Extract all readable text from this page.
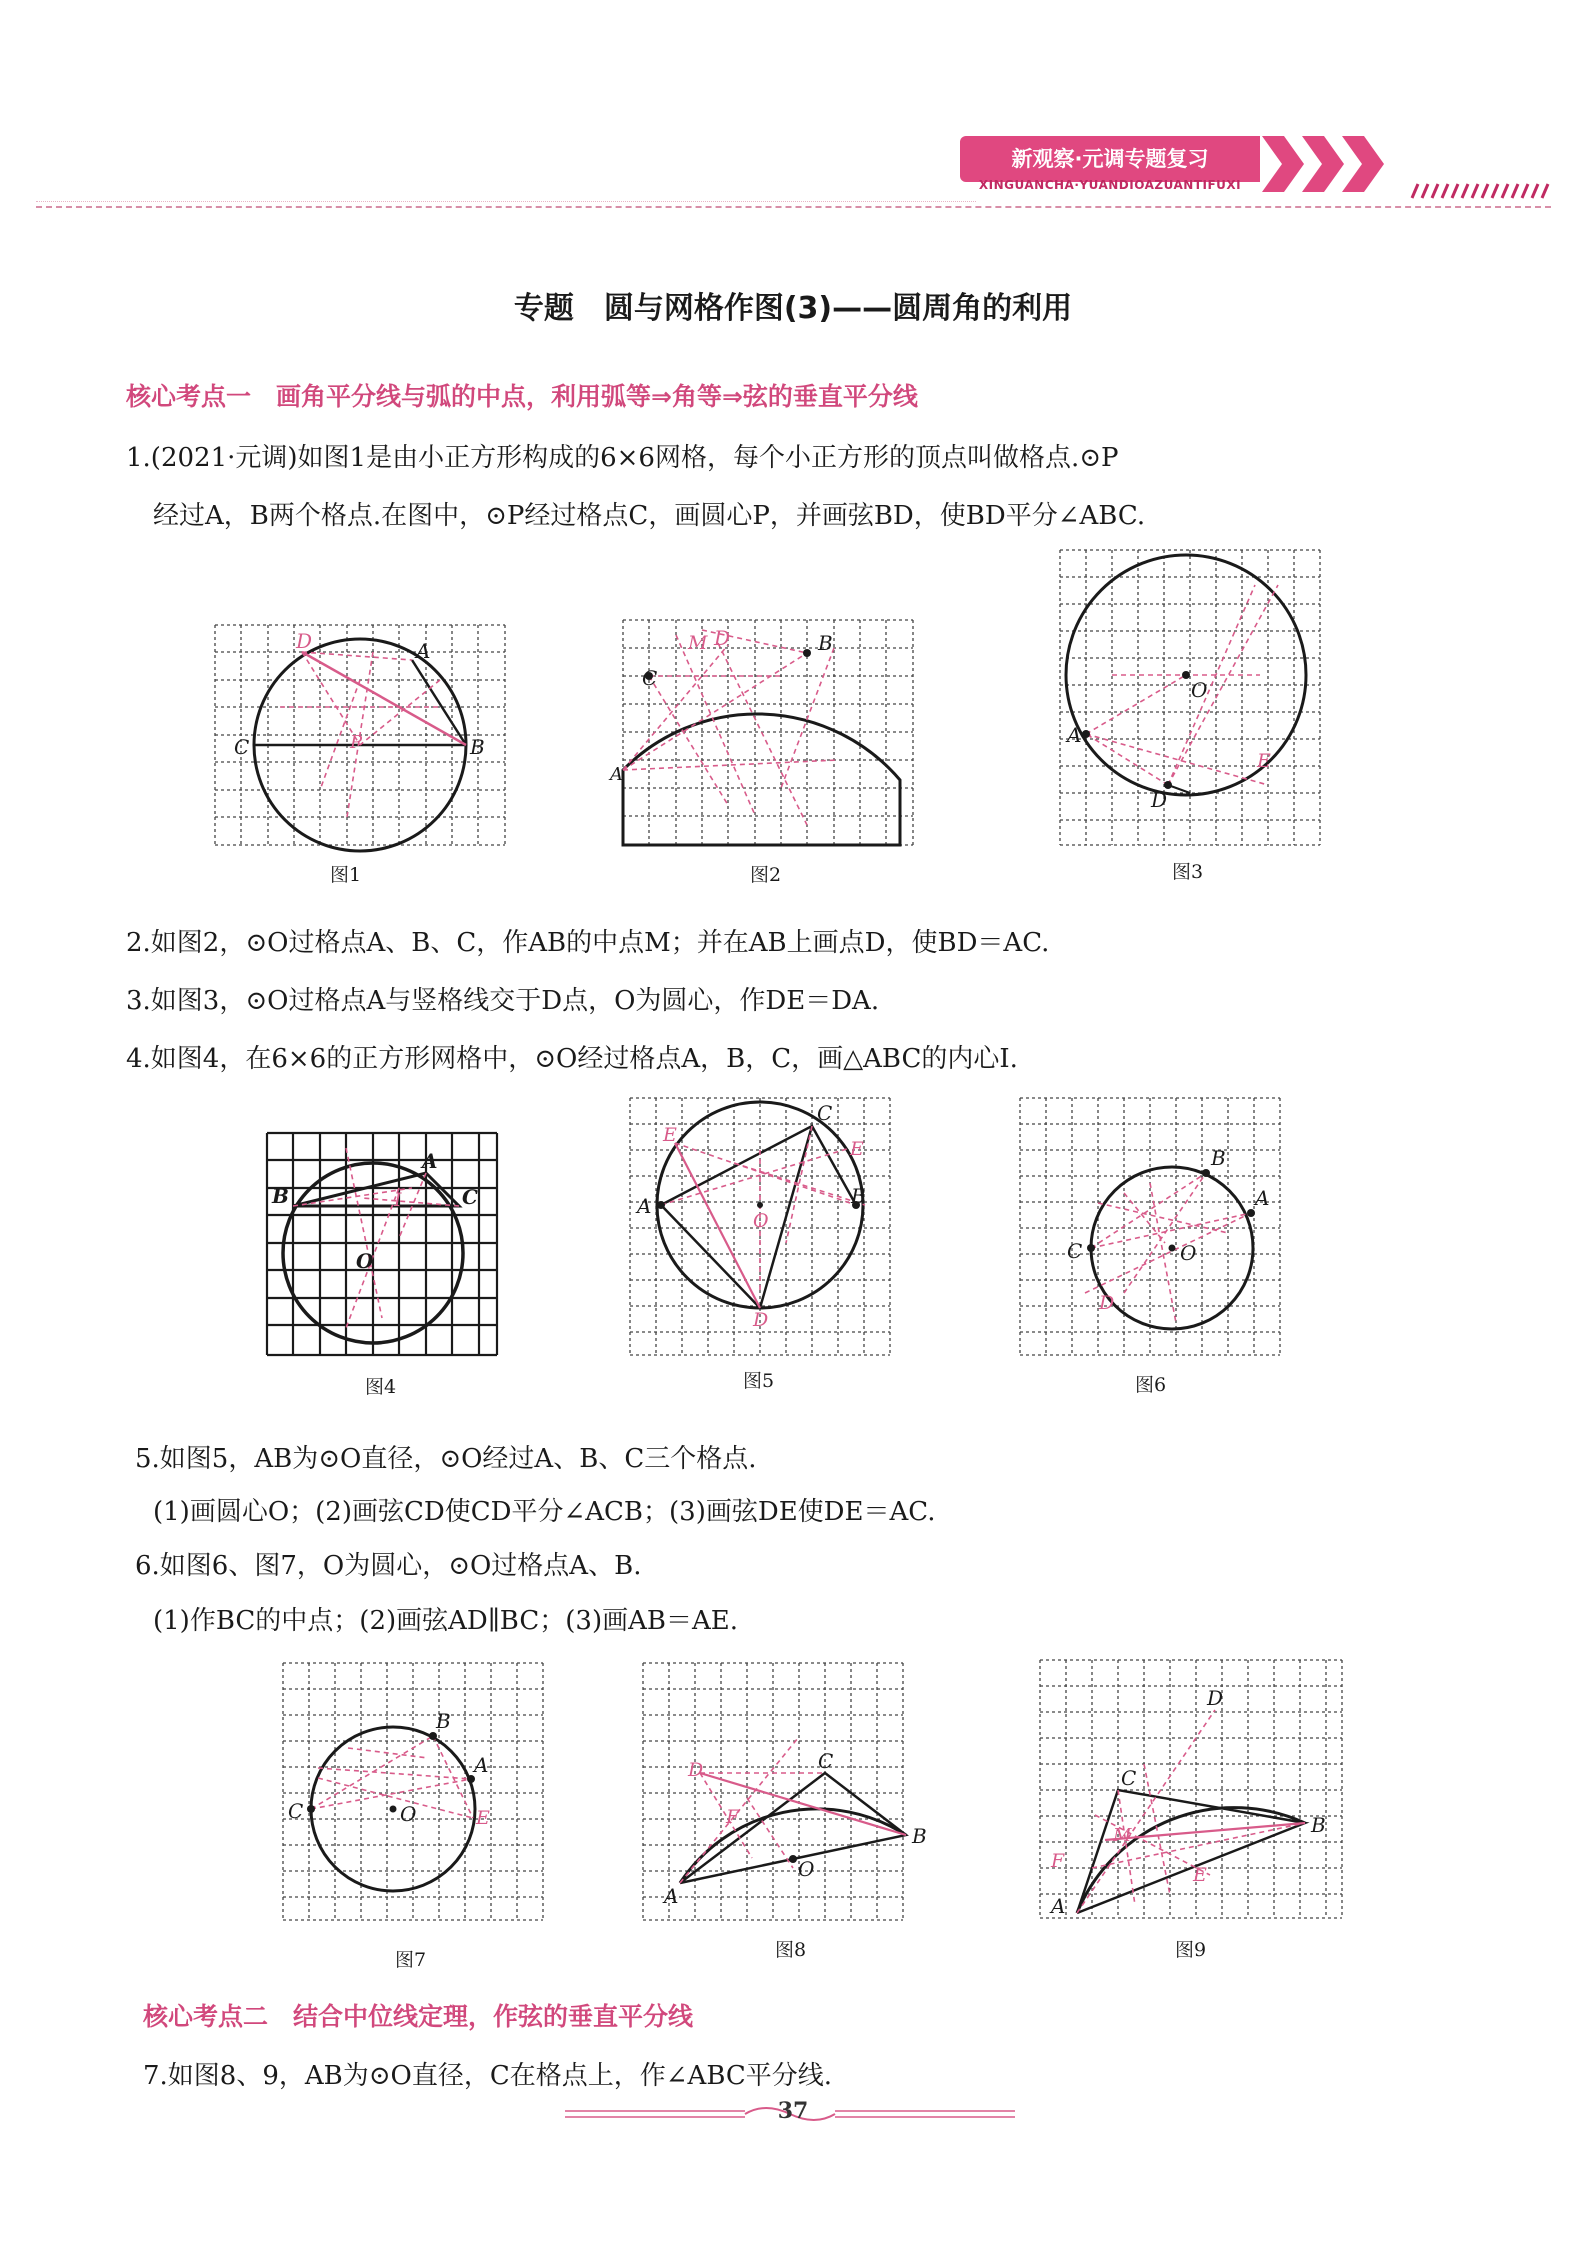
新观察·元调专题复习
XINGUANCHA·YUANDIOAZUANTIFUXI
专题　圆与网格作图(3)——圆周角的利用
核心考点一　画角平分线与弧的中点，利用弧等⇒角等⇒弦的垂直平分线
1.(2021·元调)如图1是由小正方形构成的6×6网格，每个小正方形的顶点叫做格点.⊙P
经过A，B两个格点.在图中，⊙P经过格点C，画圆心P，并画弦BD，使BD平分∠ABC.
D	A
C	P	B
图1
M D	B
C
A
图2
O
A
D
E
图3
2.如图2，⊙O过格点A、B、C，作AB的中点M；并在AB上画点D，使BD＝AC.
3.如图3，⊙O过格点A与竖格线交于D点，O为圆心，作DE＝DA.
4.如图4，在6×6的正方形网格中，⊙O经过格点A，B，C，画△ABC的内心I.
A
B	I	C
O
图4
C
E
E
A
O
B
D
图5
B
A
C	O
D
图6
5.如图5，AB为⊙O直径，⊙O经过A、B、C三个格点.
(1)画圆心O；(2)画弦CD使CD平分∠ACB；(3)画弦DE使DE＝AC.
6.如图6、图7，O为圆心，⊙O过格点A、B.
(1)作BC的中点；(2)画弦AD∥BC；(3)画AB＝AE.
B
A
C	O	E
图7
D	C
F
B
O
A
图8
D
C
M	B
F
E
A
图9
核心考点二　结合中位线定理，作弦的垂直平分线
7.如图8、9，AB为⊙O直径，C在格点上，作∠ABC平分线.
37
